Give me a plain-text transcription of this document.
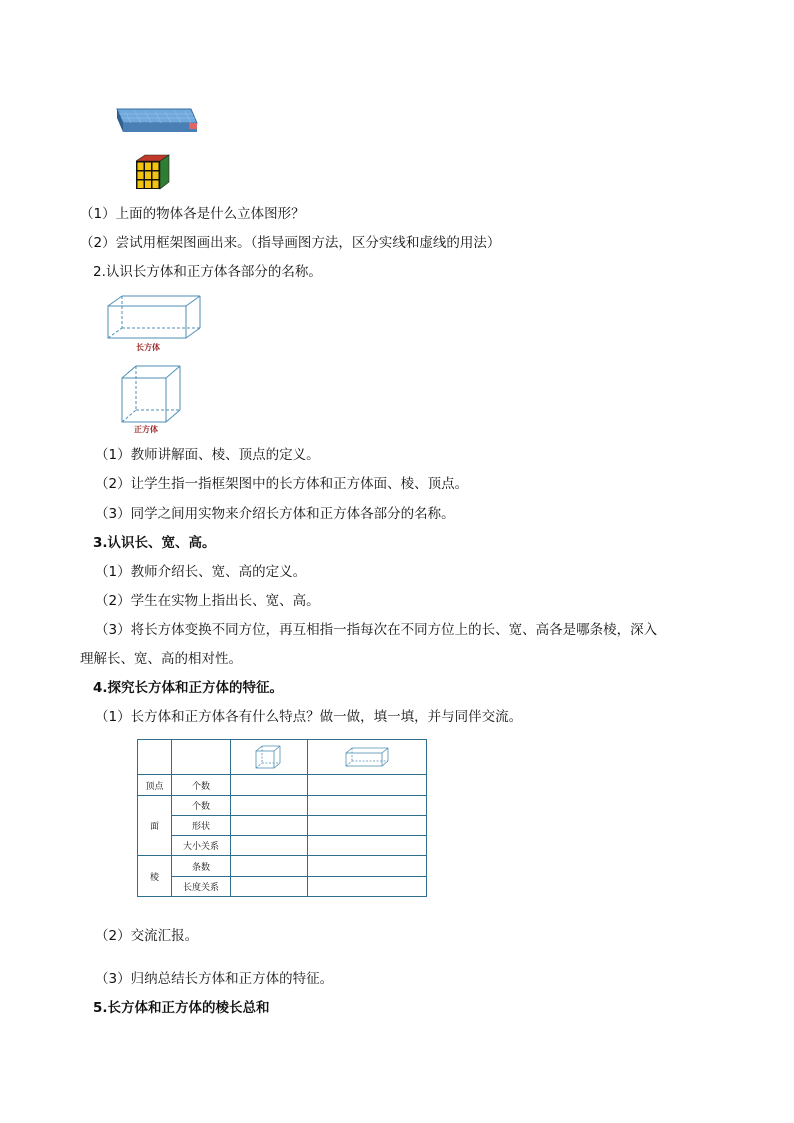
（1）上面的物体各是什么立体图形？
（2）尝试用框架图画出来。（指导画图方法，区分实线和虚线的用法）
2.认识长方体和正方体各部分的名称。
长方体
正方体
（1）教师讲解面、棱、顶点的定义。
（2）让学生指一指框架图中的长方体和正方体面、棱、顶点。
（3）同学之间用实物来介绍长方体和正方体各部分的名称。
3.认识长、宽、高。
（1）教师介绍长、宽、高的定义。
（2）学生在实物上指出长、宽、高。
（3）将长方体变换不同方位，再互相指一指每次在不同方位上的长、宽、高各是哪条棱，深入
理解长、宽、高的相对性。
4.探究长方体和正方体的特征。
（1）长方体和正方体各有什么特点？做一做，填一填，并与同伴交流。

顶点	个数		
面	个数		
	形状		
	大小关系		
棱	条数		
	长度关系		
（2）交流汇报。
（3）归纳总结长方体和正方体的特征。
5.长方体和正方体的棱长总和
